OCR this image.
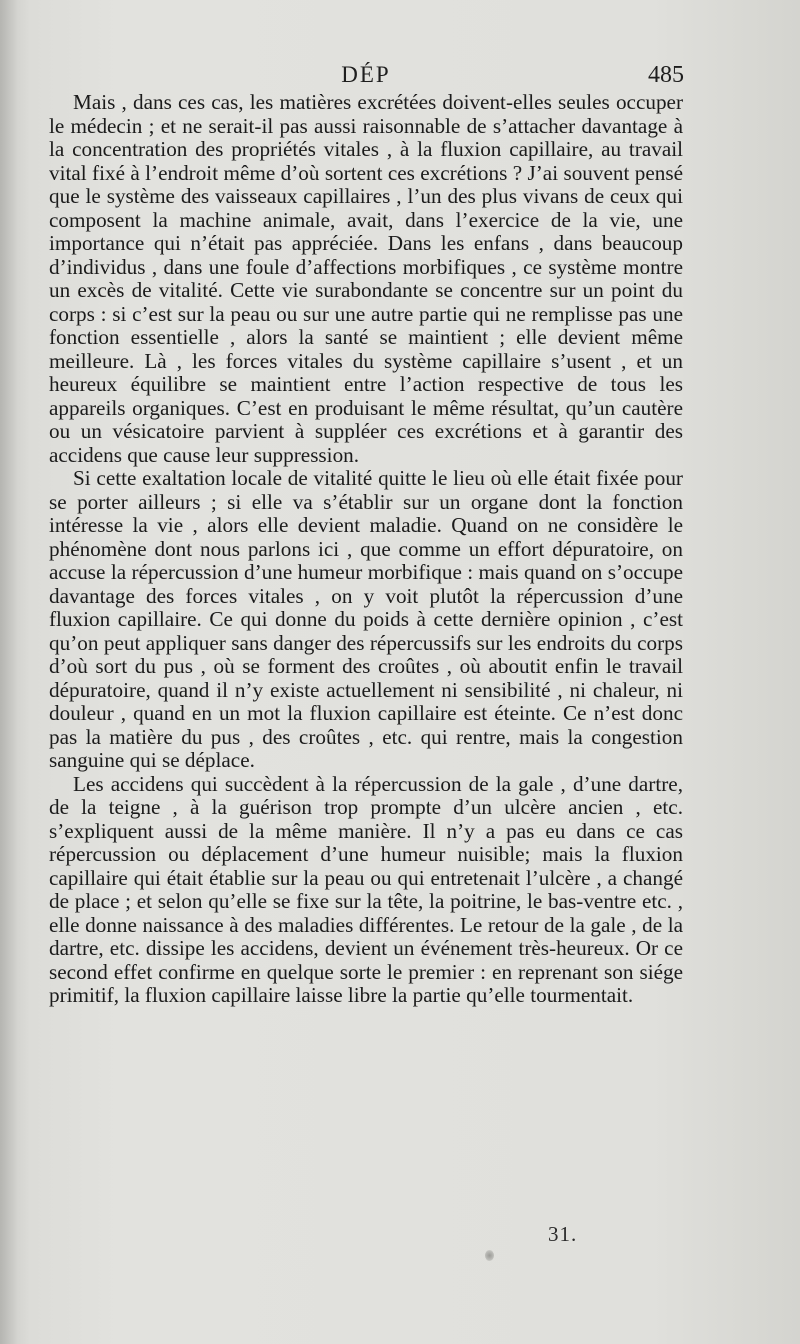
DÉP	485

Mais , dans ces cas, les matières excrétées doivent-elles seules occuper le médecin ; et ne serait-il pas aussi raisonnable de s’attacher davantage à la concentration des propriétés vitales , à la fluxion capillaire, au travail vital fixé à l’endroit même d’où sortent ces excrétions ? J’ai souvent pensé que le système des vaisseaux capillaires , l’un des plus vivans de ceux qui composent la machine animale, avait, dans l’exercice de la vie, une importance qui n’était pas appréciée. Dans les enfans , dans beaucoup d’individus , dans une foule d’affections morbifiques , ce système montre un excès de vitalité. Cette vie surabondante se concentre sur un point du corps : si c’est sur la peau ou sur une autre partie qui ne remplisse pas une fonction essentielle , alors la santé se maintient ; elle devient même meilleure. Là , les forces vitales du système capillaire s’usent , et un heureux équilibre se maintient entre l’action respective de tous les appareils organiques. C’est en produisant le même résultat, qu’un cautère ou un vésicatoire parvient à suppléer ces excrétions et à garantir des accidens que cause leur suppression.

Si cette exaltation locale de vitalité quitte le lieu où elle était fixée pour se porter ailleurs ; si elle va s’établir sur un organe dont la fonction intéresse la vie , alors elle devient maladie. Quand on ne considère le phénomène dont nous parlons ici , que comme un effort dépuratoire, on accuse la répercussion d’une humeur morbifique : mais quand on s’occupe davantage des forces vitales , on y voit plutôt la répercussion d’une fluxion capillaire. Ce qui donne du poids à cette dernière opinion , c’est qu’on peut appliquer sans danger des répercussifs sur les endroits du corps d’où sort du pus , où se forment des croûtes , où aboutit enfin le travail dépuratoire, quand il n’y existe actuellement ni sensibilité , ni chaleur, ni douleur , quand en un mot la fluxion capillaire est éteinte. Ce n’est donc pas la matière du pus , des croûtes , etc. qui rentre, mais la congestion sanguine qui se déplace.

Les accidens qui succèdent à la répercussion de la gale , d’une dartre, de la teigne , à la guérison trop prompte d’un ulcère ancien , etc. s’expliquent aussi de la même manière. Il n’y a pas eu dans ce cas répercussion ou déplacement d’une humeur nuisible; mais la fluxion capillaire qui était établie sur la peau ou qui entretenait l’ulcère , a changé de place ; et selon qu’elle se fixe sur la tête, la poitrine, le bas-ventre etc. , elle donne naissance à des maladies différentes. Le retour de la gale , de la dartre, etc. dissipe les accidens, devient un événement très-heureux. Or ce second effet confirme en quelque sorte le premier : en reprenant son siége primitif, la fluxion capillaire laisse libre la partie qu’elle tourmentait.

31.
